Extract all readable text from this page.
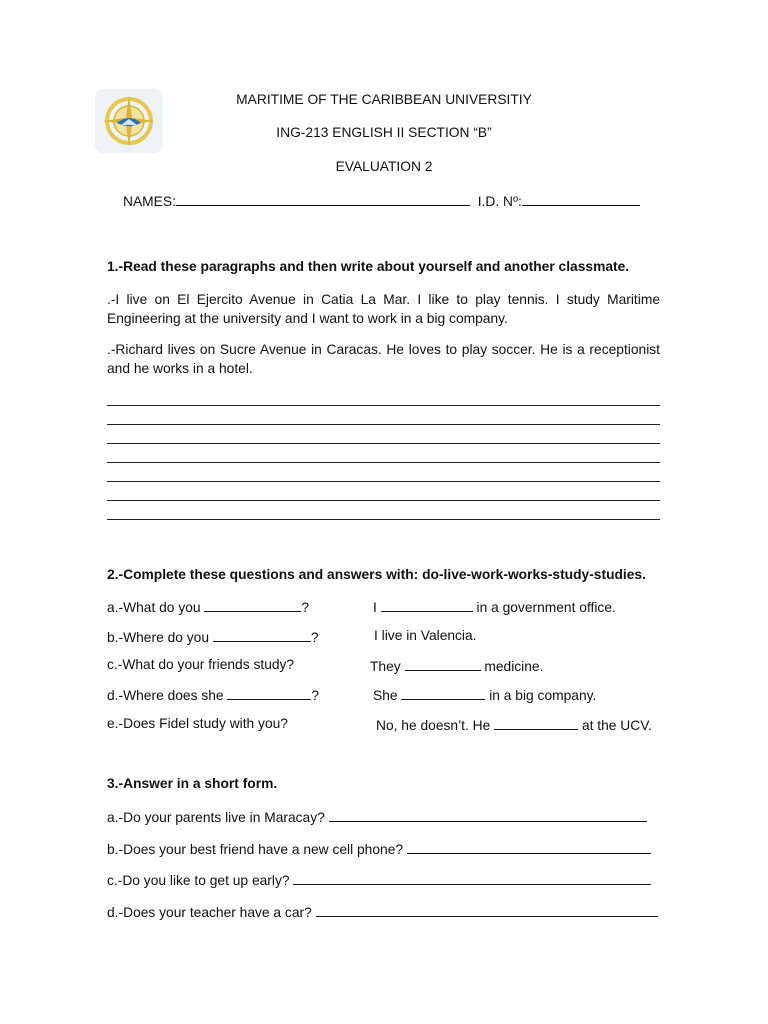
MARITIME OF THE CARIBBEAN UNIVERSITIY
ING-213 ENGLISH II SECTION “B”
EVALUATION 2
NAMES:	I.D. Nº:
1.-Read these paragraphs and then write about yourself and another classmate.
.-I live on El Ejercito Avenue in Catia La Mar. I like to play tennis. I study Maritime Engineering at the university and I want to work in a big company.
.-Richard lives on Sucre Avenue in Caracas. He loves to play soccer. He is a receptionist and he works in a hotel.
2.-Complete these questions and answers with: do-live-work-works-study-studies.
a.-What do you	?	I	in a government office.
b.-Where do you	?	I live in Valencia.
c.-What do your friends study?	They	medicine.
d.-Where does she	?	She	in a big company.
e.-Does Fidel study with you?	No, he doesn’t. He	at the UCV.
3.-Answer in a short form.
a.-Do your parents live in Maracay?
b.-Does your best friend have a new cell phone?
c.-Do you like to get up early?
d.-Does your teacher have a car?
